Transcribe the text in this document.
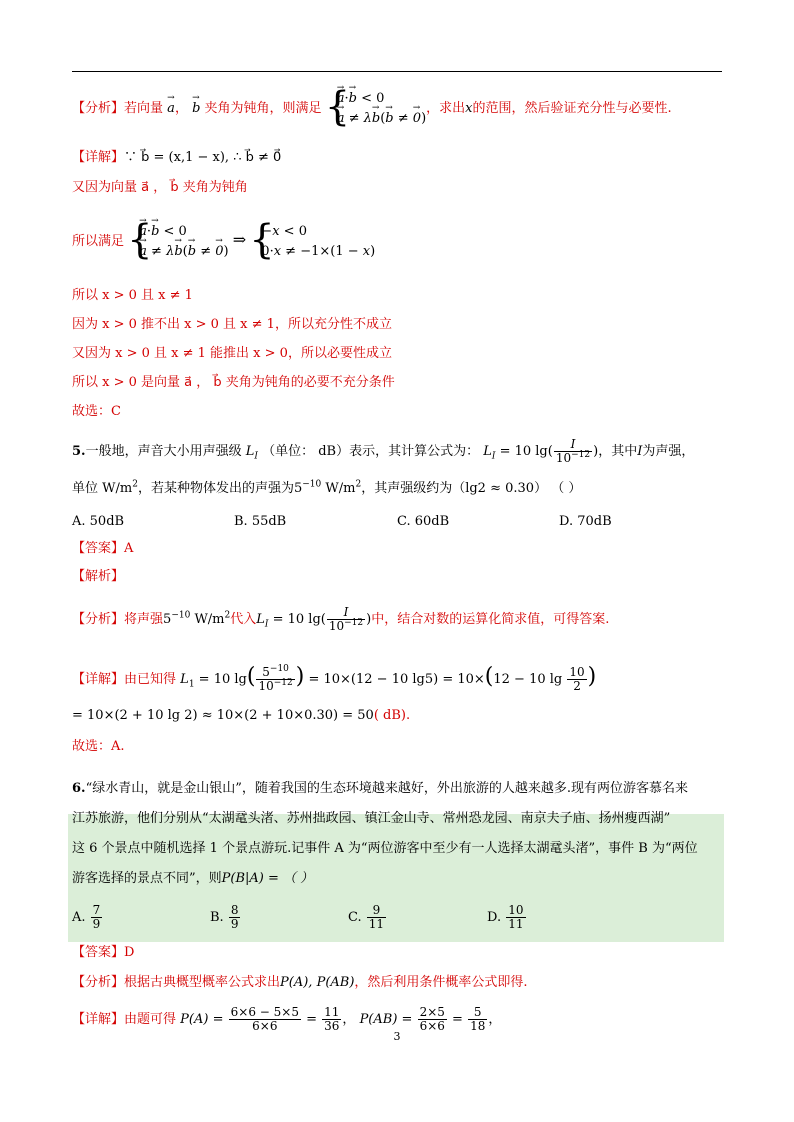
【分析】若向量 a →， b → 夹角为钝角，则满足
{ a →·b → < 0
a → ≠ λb →(b → ≠ 0 →)
，求出x的范围，然后验证充分性与必要性.
【详解】∵ b⃗ = (x,1 − x), ∴ b⃗ ≠ 0⃗
又因为向量 a⃗ ， b⃗ 夹角为钝角
所以满足
{ a →·b → < 0
a → ≠ λb →(b → ≠ 0 →)
⇒
{ −x < 0
0·x ≠ −1×(1 − x)
所以 x > 0 且 x ≠ 1
因为 x > 0 推不出 x > 0 且 x ≠ 1，所以充分性不成立
又因为 x > 0 且 x ≠ 1 能推出 x > 0，所以必要性成立
所以 x > 0 是向量 a⃗ ， b⃗ 夹角为钝角的必要不充分条件
故选：C
5.一般地，声音大小用声强级 $L_I$ （单位： dB）表示，其计算公式为： $L_I = 10$ $\lg( \frac{I}{10^{-12}}$ )，其中I为声强，
单位 $W/m^2$，若某种物体发出的声强为$5^{-10}$ $W/m^2$，其声强级约为（lg2 ≈ 0.30） （ ）
A. 50dB	B. 55dB	C. 60dB	D. 70dB
【答案】A
【解析】
【分析】将声强$5^{-10}$ $W/m^2$代入$L_I = 10$ $\lg( \frac{I}{10^{-12}}$ )中，结合对数的运算化简求值，可得答案.
【详解】由已知得 $L_1 = 10$ $\lg( \frac{5^{-10}}{10^{-12}}$ ) = 10×(12 − 10 lg5) = 10×(12 − 10 $\lg \frac{10}{2}$ )
= 10×(2 + 10 lg 2) ≈ 10×(2 + 10×0.30) = 50( dB).
故选：A.
6.“绿水青山，就是金山银山”，随着我国的生态环境越来越好，外出旅游的人越来越多.现有两位游客慕名来
江苏旅游，他们分别从“太湖鼋头渚、苏州拙政园、镇江金山寺、常州恐龙园、南京夫子庙、扬州瘦西湖”
这 6 个景点中随机选择 1 个景点游玩.记事件 A 为“两位游客中至少有一人选择太湖鼋头渚”，事件 B 为“两位
游客选择的景点不同”，则P(B|A) = （ ）
A. $\frac{7}{9}$	B. $\frac{8}{9}$	C. $\frac{9}{11}$	D. $\frac{10}{11}$
【答案】D
【分析】根据古典概型概率公式求出P(A), P(AB)，然后利用条件概率公式即得.
【详解】由题可得 $P(A) = \frac{6\times 6 - 5\times 5}{6\times 6} = \frac{11}{36}$ ， $P(AB) = \frac{2\times 5}{6\times 6} = \frac{5}{18}$ ，
3
